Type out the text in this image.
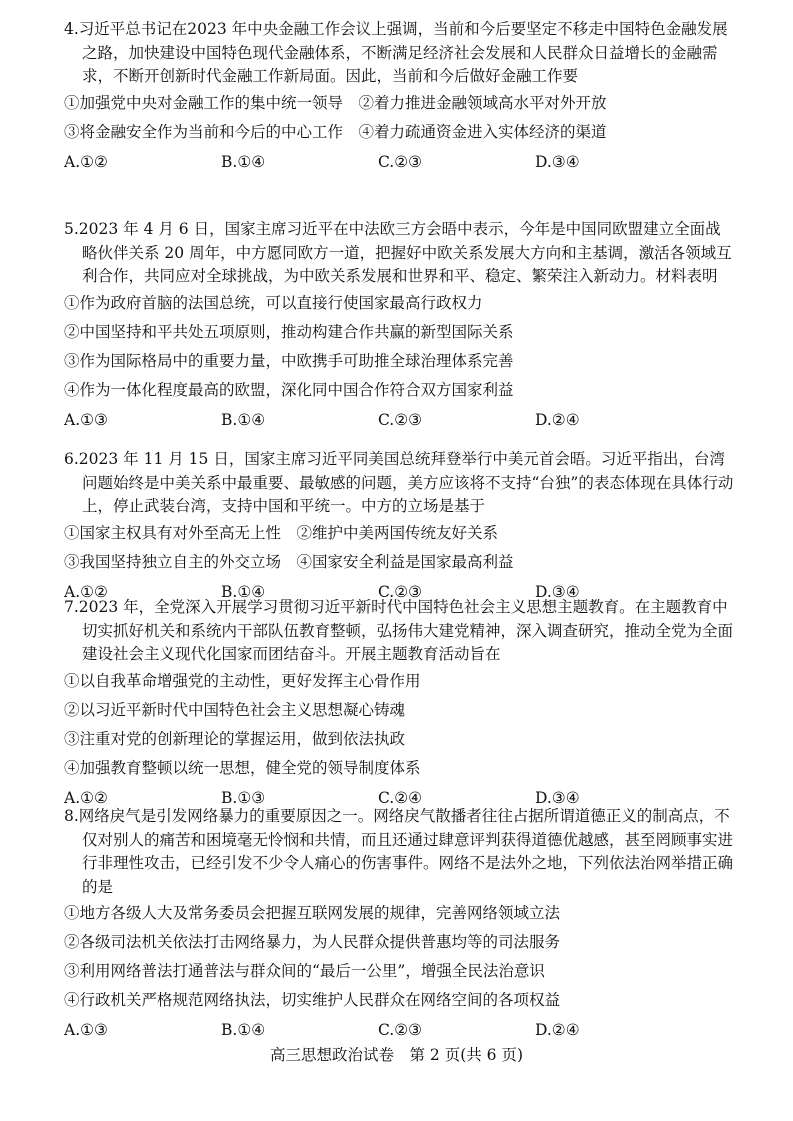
4.习近平总书记在2023 年中央金融工作会议上强调，当前和今后要坚定不移走中国特色金融发展之路，加快建设中国特色现代金融体系，不断满足经济社会发展和人民群众日益增长的金融需求，不断开创新时代金融工作新局面。因此，当前和今后做好金融工作要

①加强党中央对金融工作的集中统一领导　②着力推进金融领域高水平对外开放

③将金融安全作为当前和今后的中心工作　④着力疏通资金进入实体经济的渠道

A.①②	B.①④	C.②③	D.③④

5.2023 年 4 月 6 日，国家主席习近平在中法欧三方会晤中表示，今年是中国同欧盟建立全面战略伙伴关系 20 周年，中方愿同欧方一道，把握好中欧关系发展大方向和主基调，激活各领域互利合作，共同应对全球挑战，为中欧关系发展和世界和平、稳定、繁荣注入新动力。材料表明

①作为政府首脑的法国总统，可以直接行使国家最高行政权力

②中国坚持和平共处五项原则，推动构建合作共赢的新型国际关系

③作为国际格局中的重要力量，中欧携手可助推全球治理体系完善

④作为一体化程度最高的欧盟，深化同中国合作符合双方国家利益

A.①③	B.①④	C.②③	D.②④

6.2023 年 11 月 15 日，国家主席习近平同美国总统拜登举行中美元首会晤。习近平指出，台湾问题始终是中美关系中最重要、最敏感的问题，美方应该将不支持“台独”的表态体现在具体行动上，停止武装台湾，支持中国和平统一。中方的立场是基于

①国家主权具有对外至高无上性　②维护中美两国传统友好关系

③我国坚持独立自主的外交立场　④国家安全利益是国家最高利益

A.①②	B.①④	C.②③	D.③④

7.2023 年，全党深入开展学习贯彻习近平新时代中国特色社会主义思想主题教育。在主题教育中切实抓好机关和系统内干部队伍教育整顿，弘扬伟大建党精神，深入调查研究，推动全党为全面建设社会主义现代化国家而团结奋斗。开展主题教育活动旨在

①以自我革命增强党的主动性，更好发挥主心骨作用

②以习近平新时代中国特色社会主义思想凝心铸魂

③注重对党的创新理论的掌握运用，做到依法执政

④加强教育整顿以统一思想，健全党的领导制度体系

A.①②	B.①③	C.②④	D.③④

8.网络戾气是引发网络暴力的重要原因之一。网络戾气散播者往往占据所谓道德正义的制高点，不仅对别人的痛苦和困境毫无怜悯和共情，而且还通过肆意评判获得道德优越感，甚至罔顾事实进行非理性攻击，已经引发不少令人痛心的伤害事件。网络不是法外之地，下列依法治网举措正确的是

①地方各级人大及常务委员会把握互联网发展的规律，完善网络领域立法

②各级司法机关依法打击网络暴力，为人民群众提供普惠均等的司法服务

③利用网络普法打通普法与群众间的“最后一公里”，增强全民法治意识

④行政机关严格规范网络执法，切实维护人民群众在网络空间的各项权益

A.①③	B.①④	C.②③	D.②④
高三思想政治试卷　第 2 页(共 6 页)
